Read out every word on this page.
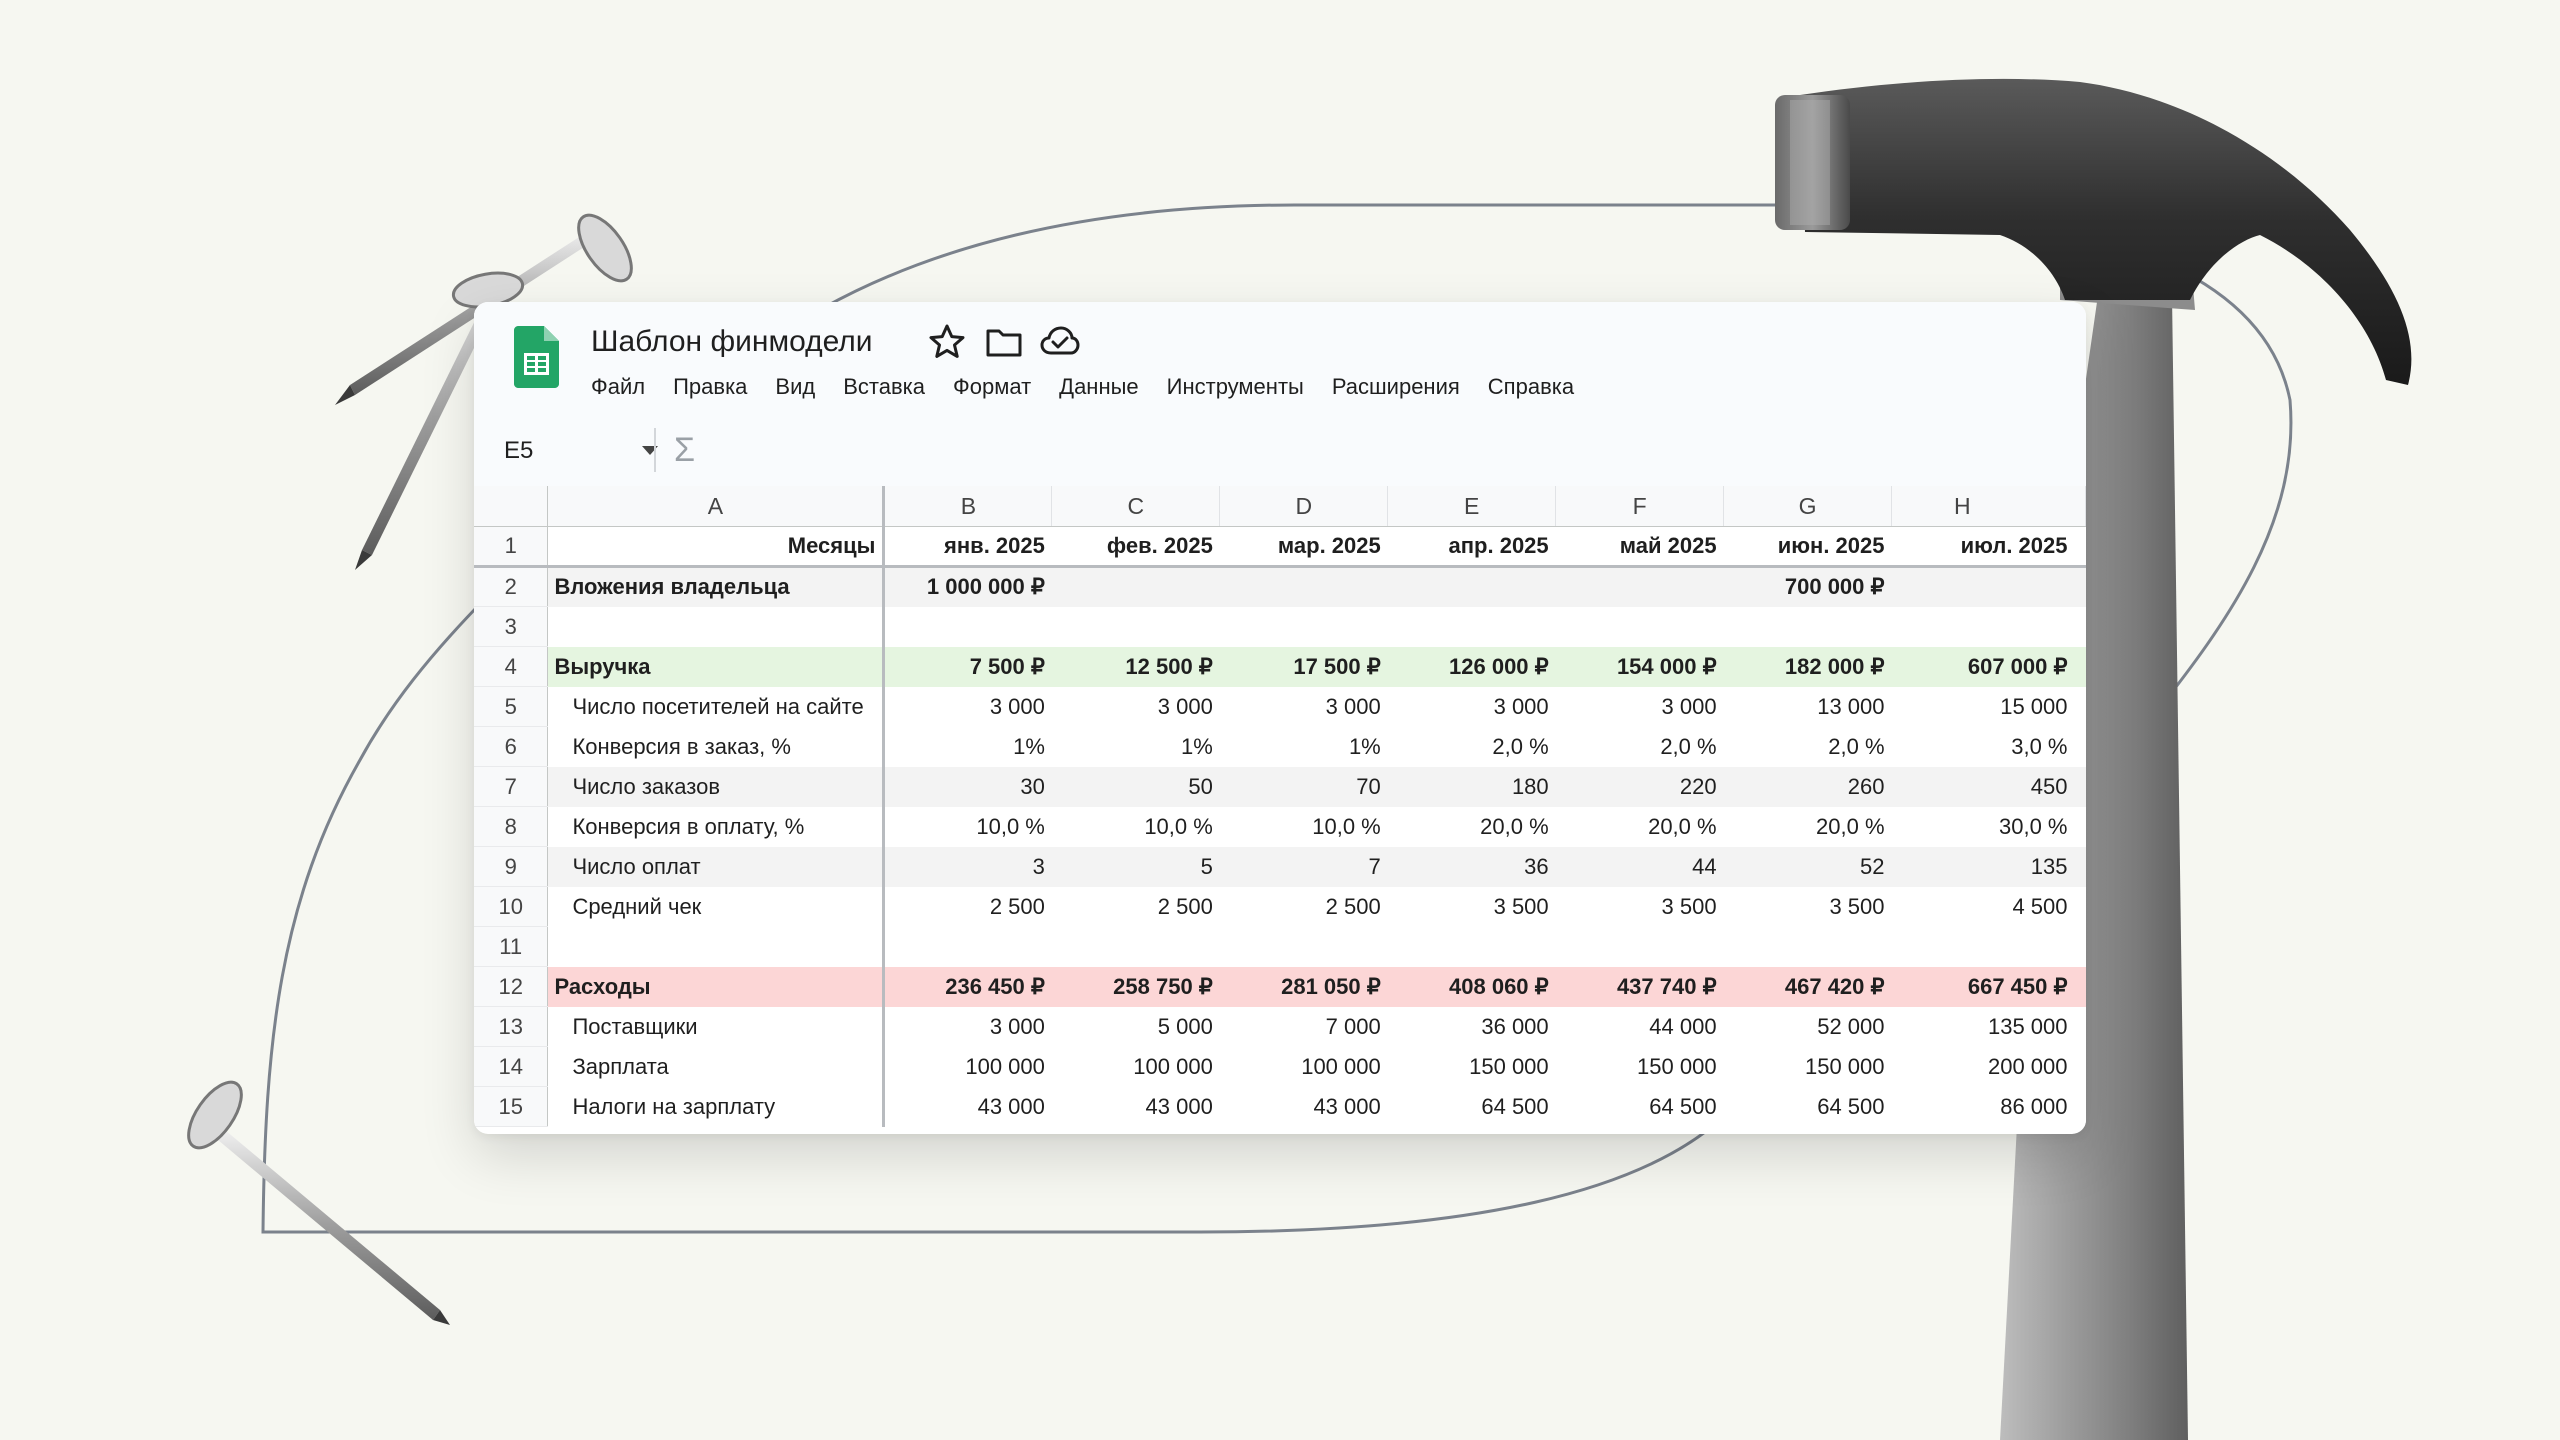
Шаблон финмодели
Файл Правка Вид Вставка Формат Данные Инструменты Расширения Справка
E5	Σ
	A	B	C	D	E	F	G	H
1	Месяцы	янв. 2025	фев. 2025	мар. 2025	апр. 2025	май 2025	июн. 2025	июл. 2025
2	Вложения владельца	1 000 000 ₽					700 000 ₽	
3								
4	Выручка	7 500 ₽	12 500 ₽	17 500 ₽	126 000 ₽	154 000 ₽	182 000 ₽	607 000 ₽
5	Число посетителей на сайте	3 000	3 000	3 000	3 000	3 000	13 000	15 000
6	Конверсия в заказ, %	1%	1%	1%	2,0 %	2,0 %	2,0 %	3,0 %
7	Число заказов	30	50	70	180	220	260	450
8	Конверсия в оплату, %	10,0 %	10,0 %	10,0 %	20,0 %	20,0 %	20,0 %	30,0 %
9	Число оплат	3	5	7	36	44	52	135
10	Средний чек	2 500	2 500	2 500	3 500	3 500	3 500	4 500
11								
12	Расходы	236 450 ₽	258 750 ₽	281 050 ₽	408 060 ₽	437 740 ₽	467 420 ₽	667 450 ₽
13	Поставщики	3 000	5 000	7 000	36 000	44 000	52 000	135 000
14	Зарплата	100 000	100 000	100 000	150 000	150 000	150 000	200 000
15	Налоги на зарплату	43 000	43 000	43 000	64 500	64 500	64 500	86 000
